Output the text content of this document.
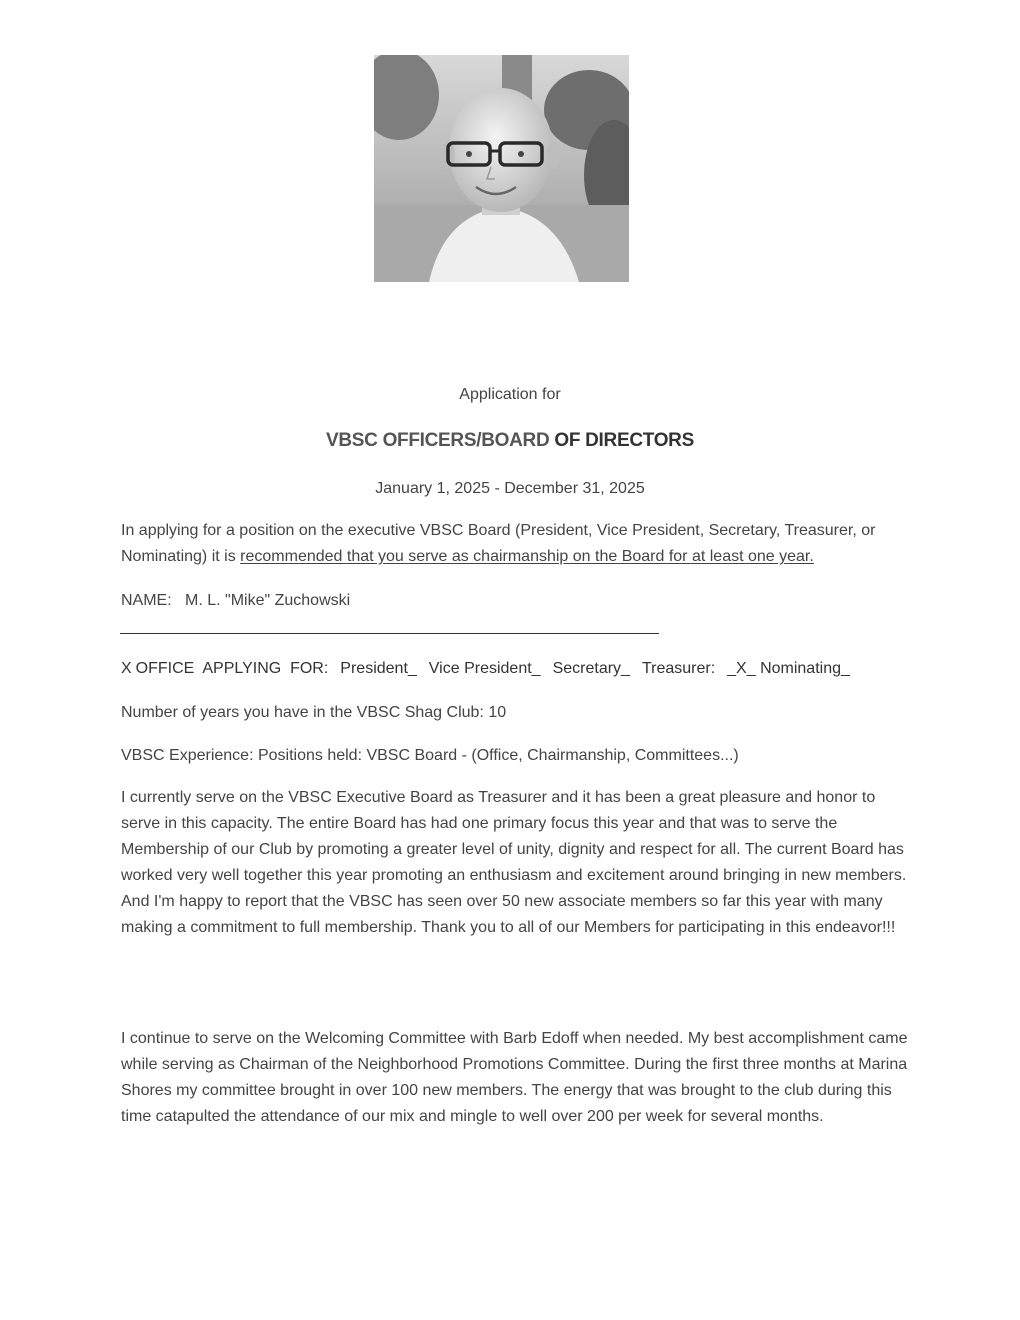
Application for
VBSC OFFICERS/BOARD OF DIRECTORS
January 1, 2025 - December 31, 2025
In applying for a position on the executive VBSC Board (President, Vice President, Secretary, Treasurer, or Nominating) it is recommended that you serve as chairmanship on the Board for at least one year.
NAME: M. L. "Mike" Zuchowski
X OFFICE  APPLYING  FOR: President_ Vice President_ Secretary_ Treasurer: _X_ Nominating_
Number of years you have in the VBSC Shag Club: 10
VBSC Experience: Positions held: VBSC Board - (Office, Chairmanship, Committees...)
I currently serve on the VBSC Executive Board as Treasurer and it has been a great pleasure and honor to serve in this capacity. The entire Board has had one primary focus this year and that was to serve the Membership of our Club by promoting a greater level of unity, dignity and respect for all. The current Board has worked very well together this year promoting an enthusiasm and excitement around bringing in new members. And I'm happy to report that the VBSC has seen over 50 new associate members so far this year with many making a commitment to full membership. Thank you to all of our Members for participating in this endeavor!!!
I continue to serve on the Welcoming Committee with Barb Edoff when needed. My best accomplishment came while serving as Chairman of the Neighborhood Promotions Committee. During the first three months at Marina Shores my committee brought in over 100 new members. The energy that was brought to the club during this time catapulted the attendance of our mix and mingle to well over 200 per week for several months.
